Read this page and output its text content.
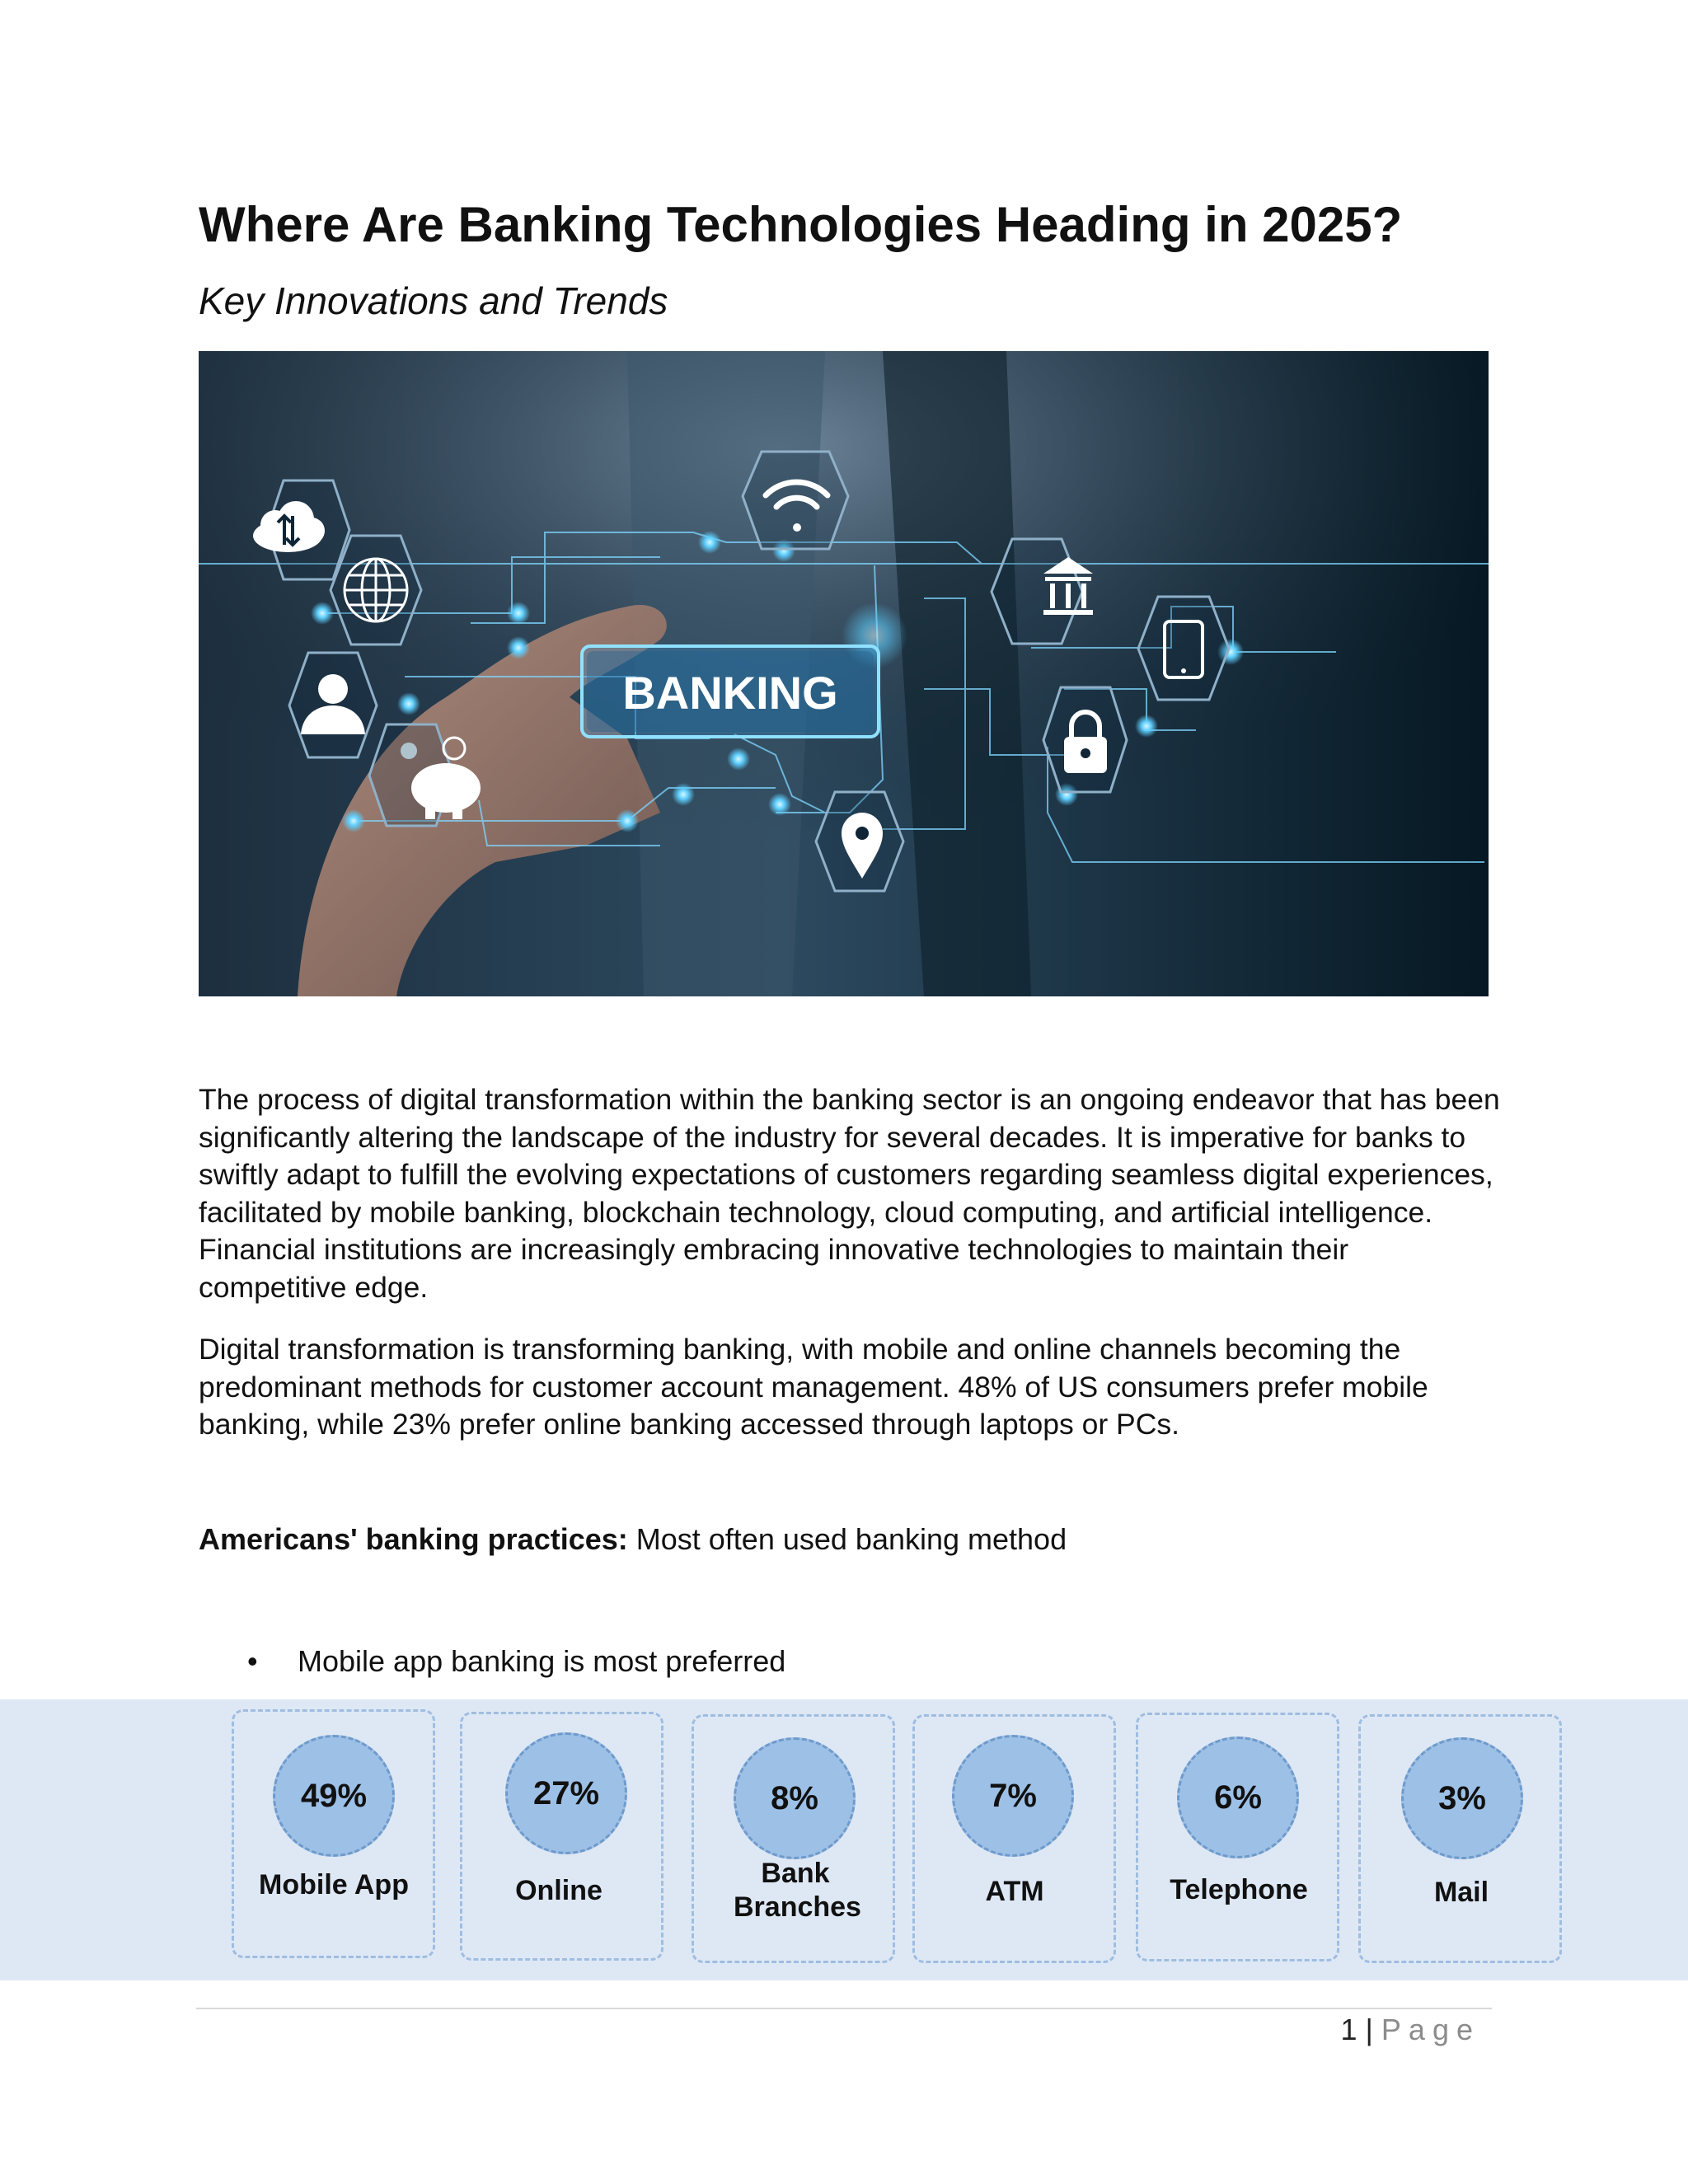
Where Are Banking Technologies Heading in 2025?
Key Innovations and Trends
BANKING

The process of digital transformation within the banking sector is an ongoing endeavor that has been significantly altering the landscape of the industry for several decades. It is imperative for banks to swiftly adapt to fulfill the evolving expectations of customers regarding seamless digital experiences, facilitated by mobile banking, blockchain technology, cloud computing, and artificial intelligence. Financial institutions are increasingly embracing innovative technologies to maintain their competitive edge.

Digital transformation is transforming banking, with mobile and online channels becoming the predominant methods for customer account management. 48% of US consumers prefer mobile banking, while 23% prefer online banking accessed through laptops or PCs.

Americans' banking practices: Most often used banking method
• Mobile app banking is most preferred
49%
Mobile App
27%
Online
8%
Bank Branches
7%
ATM
6%
Telephone
3%
Mail
1 | Page
